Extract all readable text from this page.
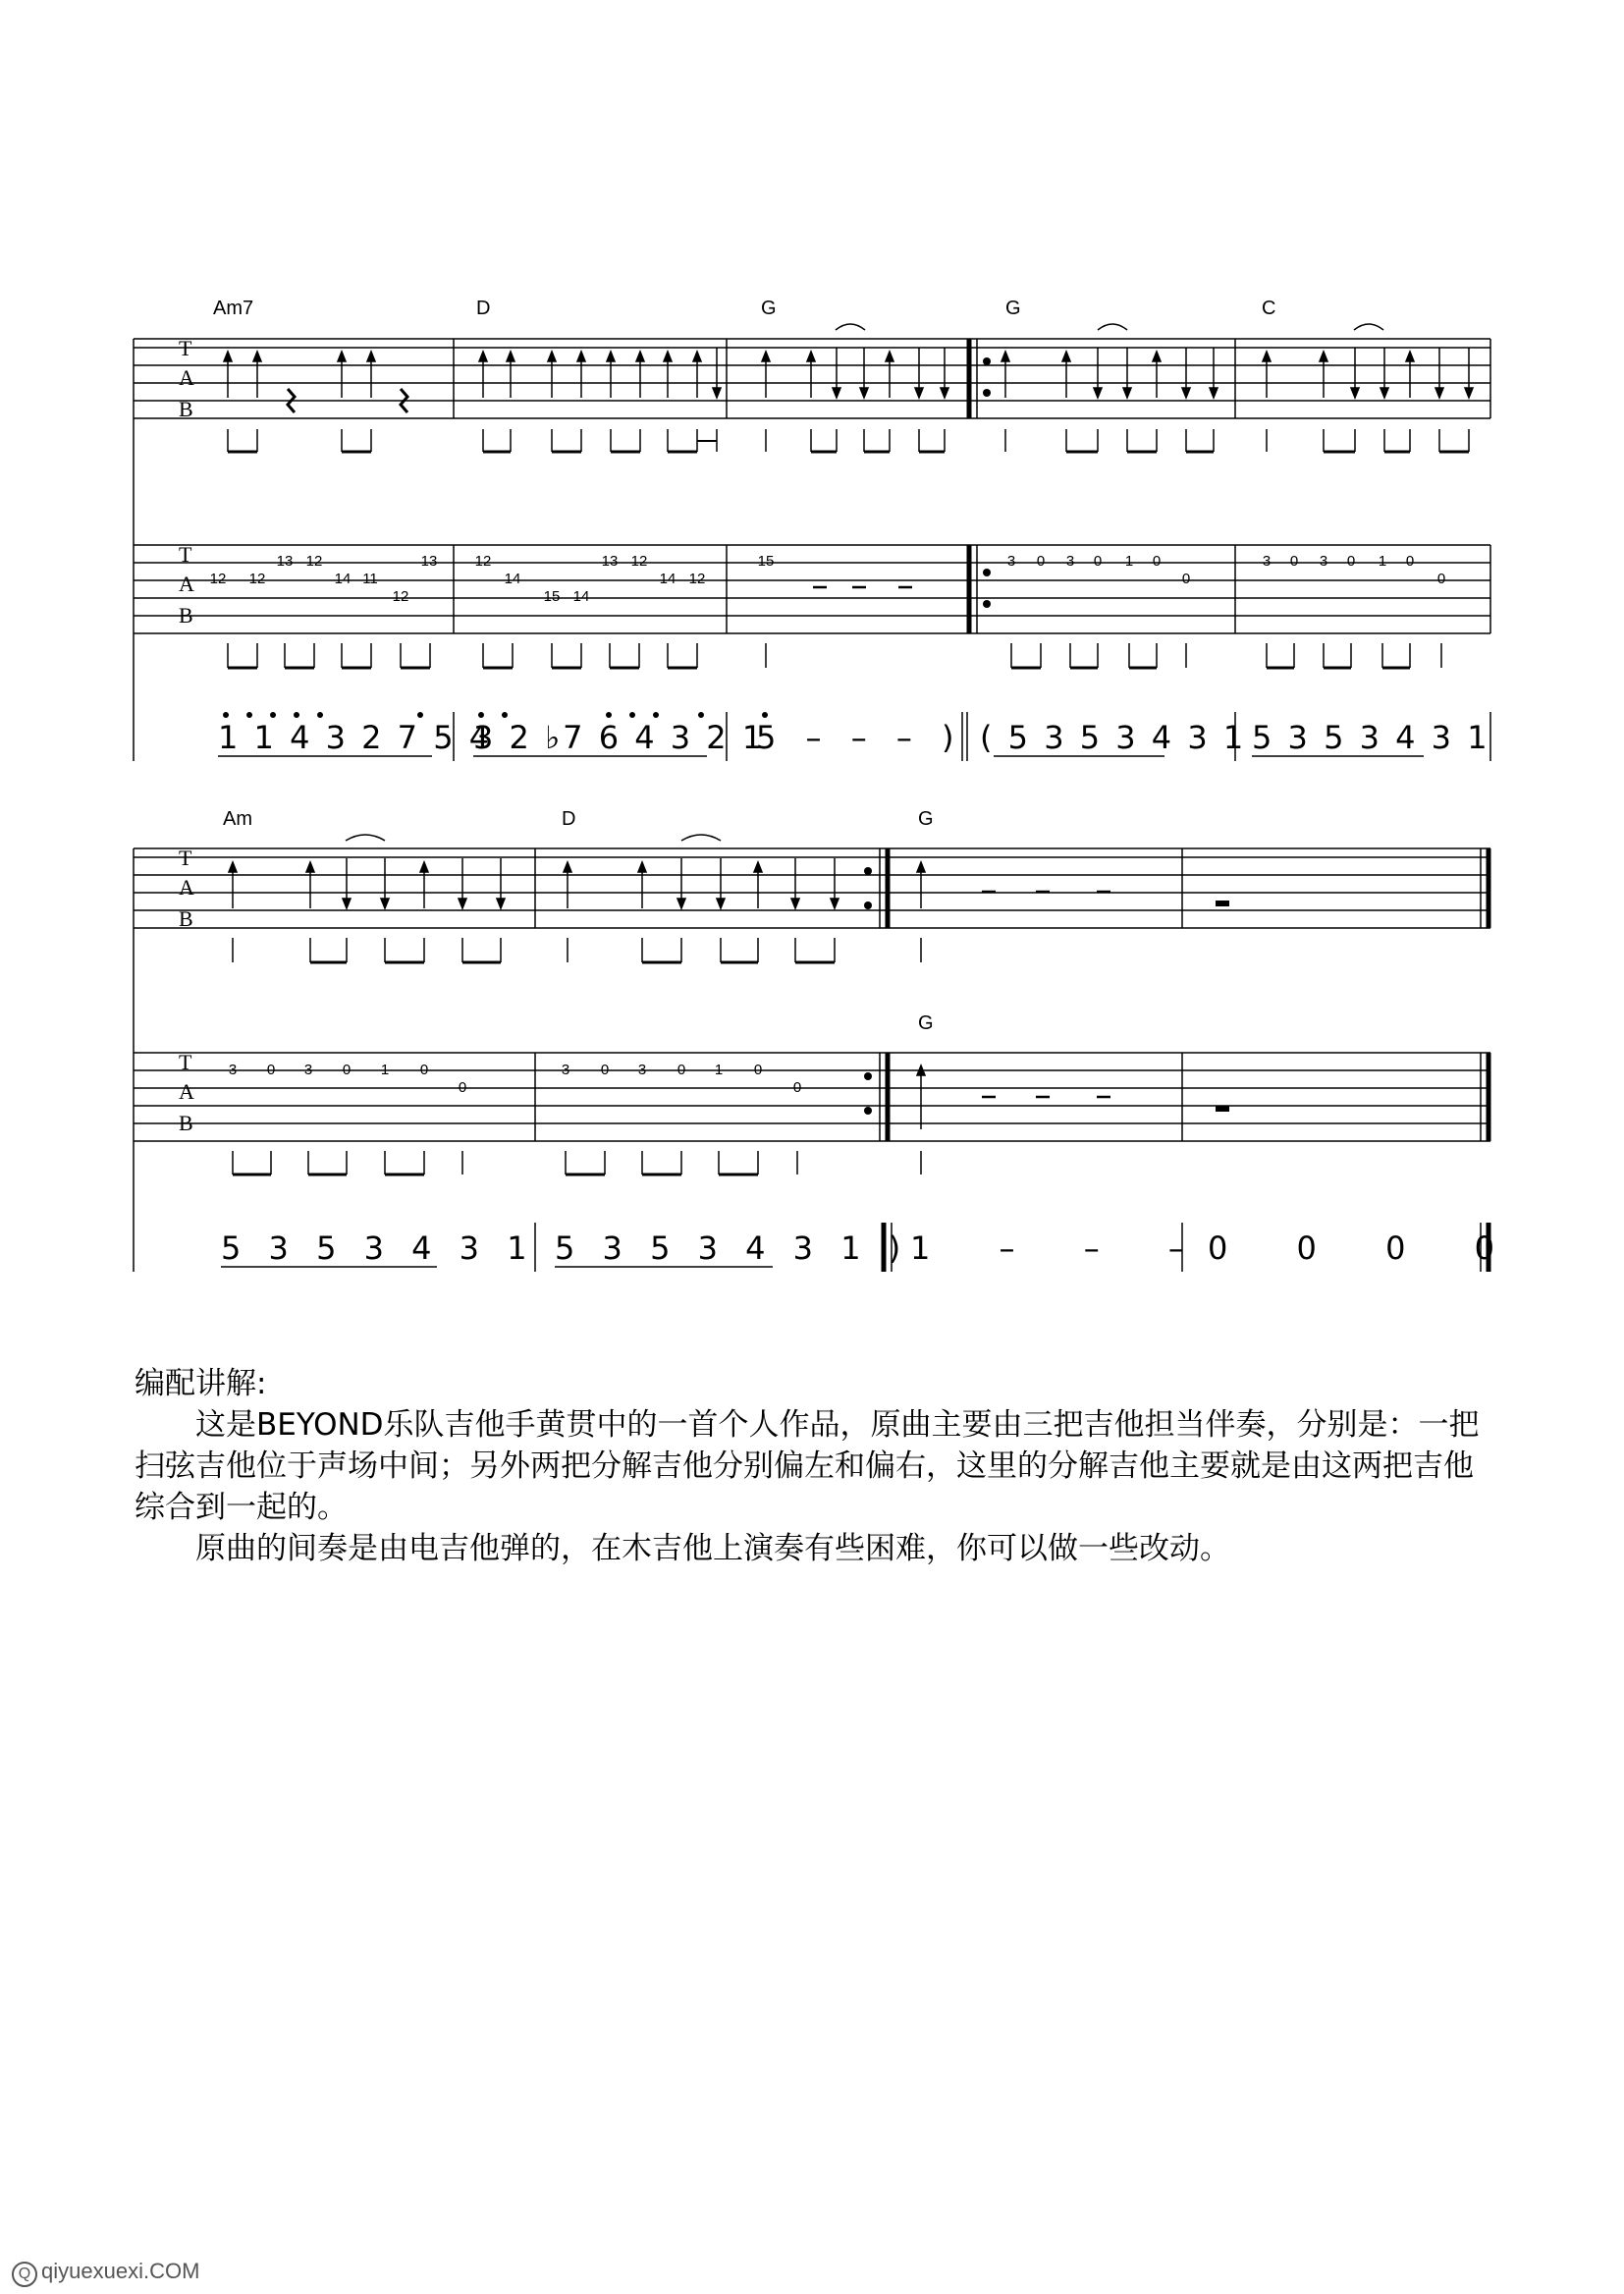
T
A
B
T
A
B
T
A
B
T
A
B
Am7	D	G	G	C
Am	D	G
G
12 12
13 12
14 11
12
13	12
14
15 14
13 12
14 12
15	3 0 3 0 1 0
0
3 0 3 0 1 0
0
3 0 3 0 1 0
0
3 0 3 0 1 0
0
1 1 4 3 2 7 5 4
3 2 ♭7 6 4 3 2 1
5 – – – ) ( 5 3 5 3 4 3 1 5 3 5 3 4 3 1
5 3 5 3 4 3 1 5 3 5 3 4 3 1 ) 1 – – –
0 0 0 0

编配讲解:

这是BEYOND乐队吉他手黄贯中的一首个人作品，原曲主要由三把吉他担当伴奏，分别是：一把扫弦吉他位于声场中间；另外两把分解吉他分别偏左和偏右，这里的分解吉他主要就是由这两把吉他综合到一起的。

原曲的间奏是由电吉他弹的，在木吉他上演奏有些困难，你可以做一些改动。

Q qiyuexuexi.COM
